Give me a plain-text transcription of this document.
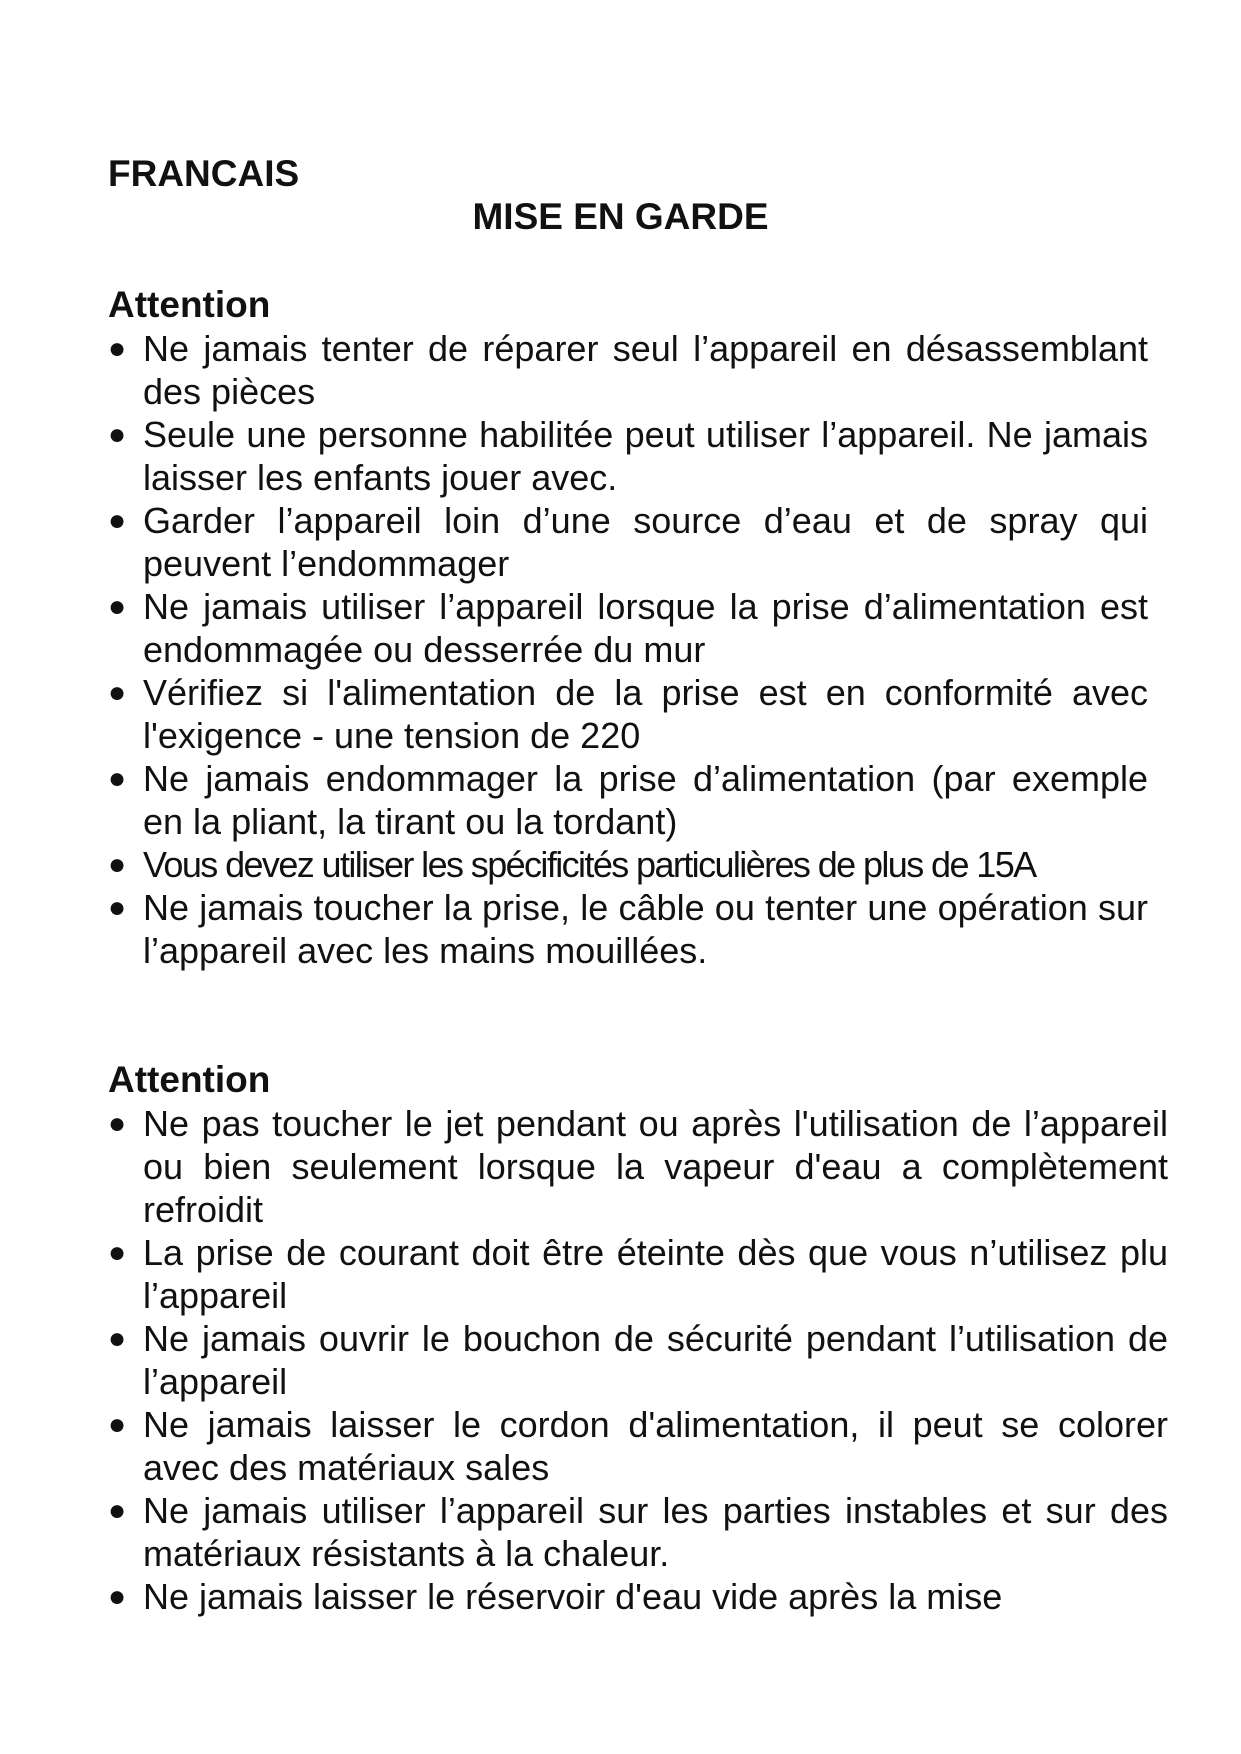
FRANCAIS
MISE EN GARDE
Attention
● Ne jamais tenter de réparer seul l’appareil en désassemblant des pièces
● Seule une personne habilitée peut utiliser l’appareil. Ne jamais laisser les enfants jouer avec.
● Garder l’appareil loin d’une source d’eau et de spray qui peuvent l’endommager
● Ne jamais utiliser l’appareil lorsque la prise d’alimentation est endommagée ou desserrée du mur
● Vérifiez si l'alimentation de la prise est en conformité avec l'exigence - une tension de 220
● Ne jamais endommager la prise d’alimentation (par exemple en la pliant, la tirant ou la tordant)
● Vous devez utiliser les spécificités particulières de plus de 15A
● Ne jamais toucher la prise, le câble ou tenter une opération sur l’appareil avec les mains mouillées.
Attention
● Ne pas toucher le jet pendant ou après l'utilisation de l’appareil ou bien seulement lorsque la vapeur d'eau a complètement refroidit
● La prise de courant doit être éteinte dès que vous n’utilisez plu l’appareil
● Ne jamais ouvrir le bouchon de sécurité pendant l’utilisation de l’appareil
● Ne jamais laisser le cordon d'alimentation, il peut se colorer avec des matériaux sales
● Ne jamais utiliser l’appareil sur les parties instables et sur des matériaux résistants à la chaleur.
● Ne jamais laisser le réservoir d'eau vide après la mise
